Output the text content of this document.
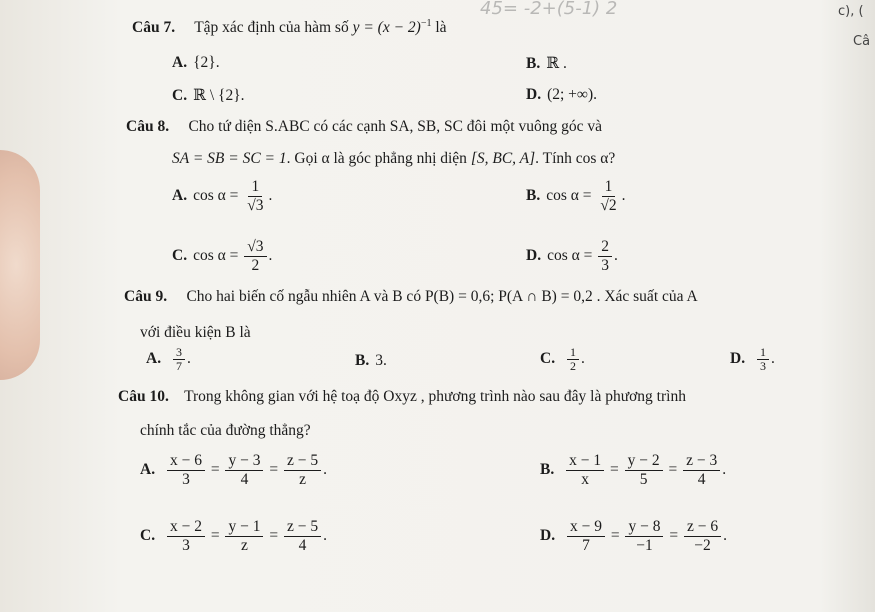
45= -2+(5-1) 2	c), (
Câ
Câu 7. Tập xác định của hàm số $y = (x - 2)^{-1}$ là
A. {2}.	B. ℝ .
C. ℝ \ {2}.	D. (2; +∞).
Câu 8. Cho tứ diện S.ABC có các cạnh SA, SB, SC đôi một vuông góc và
SA = SB = SC = 1. Gọi α là góc phẳng nhị diện [S, BC, A]. Tính cos α?
A. $\cos \alpha = \frac{1}{√3}$ .	B. $\cos \alpha = \frac{1}{√2}$ .
C. $\cos \alpha = \frac{√3}{2}$ .	D. $\cos \alpha = \frac{2}{3}$ .
Câu 9. Cho hai biến cố ngẫu nhiên A và B có P(B) = 0,6; P(A ∩ B) = 0,2 . Xác suất của A
với điều kiện B là
A. $\frac{3}{7}$ .	B. 3.	C. $\frac{1}{2}$ .	D. $\frac{1}{3}$ .
Câu 10. Trong không gian với hệ toạ độ Oxyz , phương trình nào sau đây là phương trình
chính tắc của đường thẳng?
A. $\frac{x - 6}{3} = \frac{y - 3}{4} = \frac{z - 5}{z}$ .	B. $\frac{x - 1}{x} = \frac{y - 2}{5} = \frac{z - 3}{4}$ .
C. $\frac{x - 2}{3} = \frac{y - 1}{z} = \frac{z - 5}{4}$ .	D. $\frac{x - 9}{7} = \frac{y - 8}{-1} = \frac{z - 6}{-2}$ .
